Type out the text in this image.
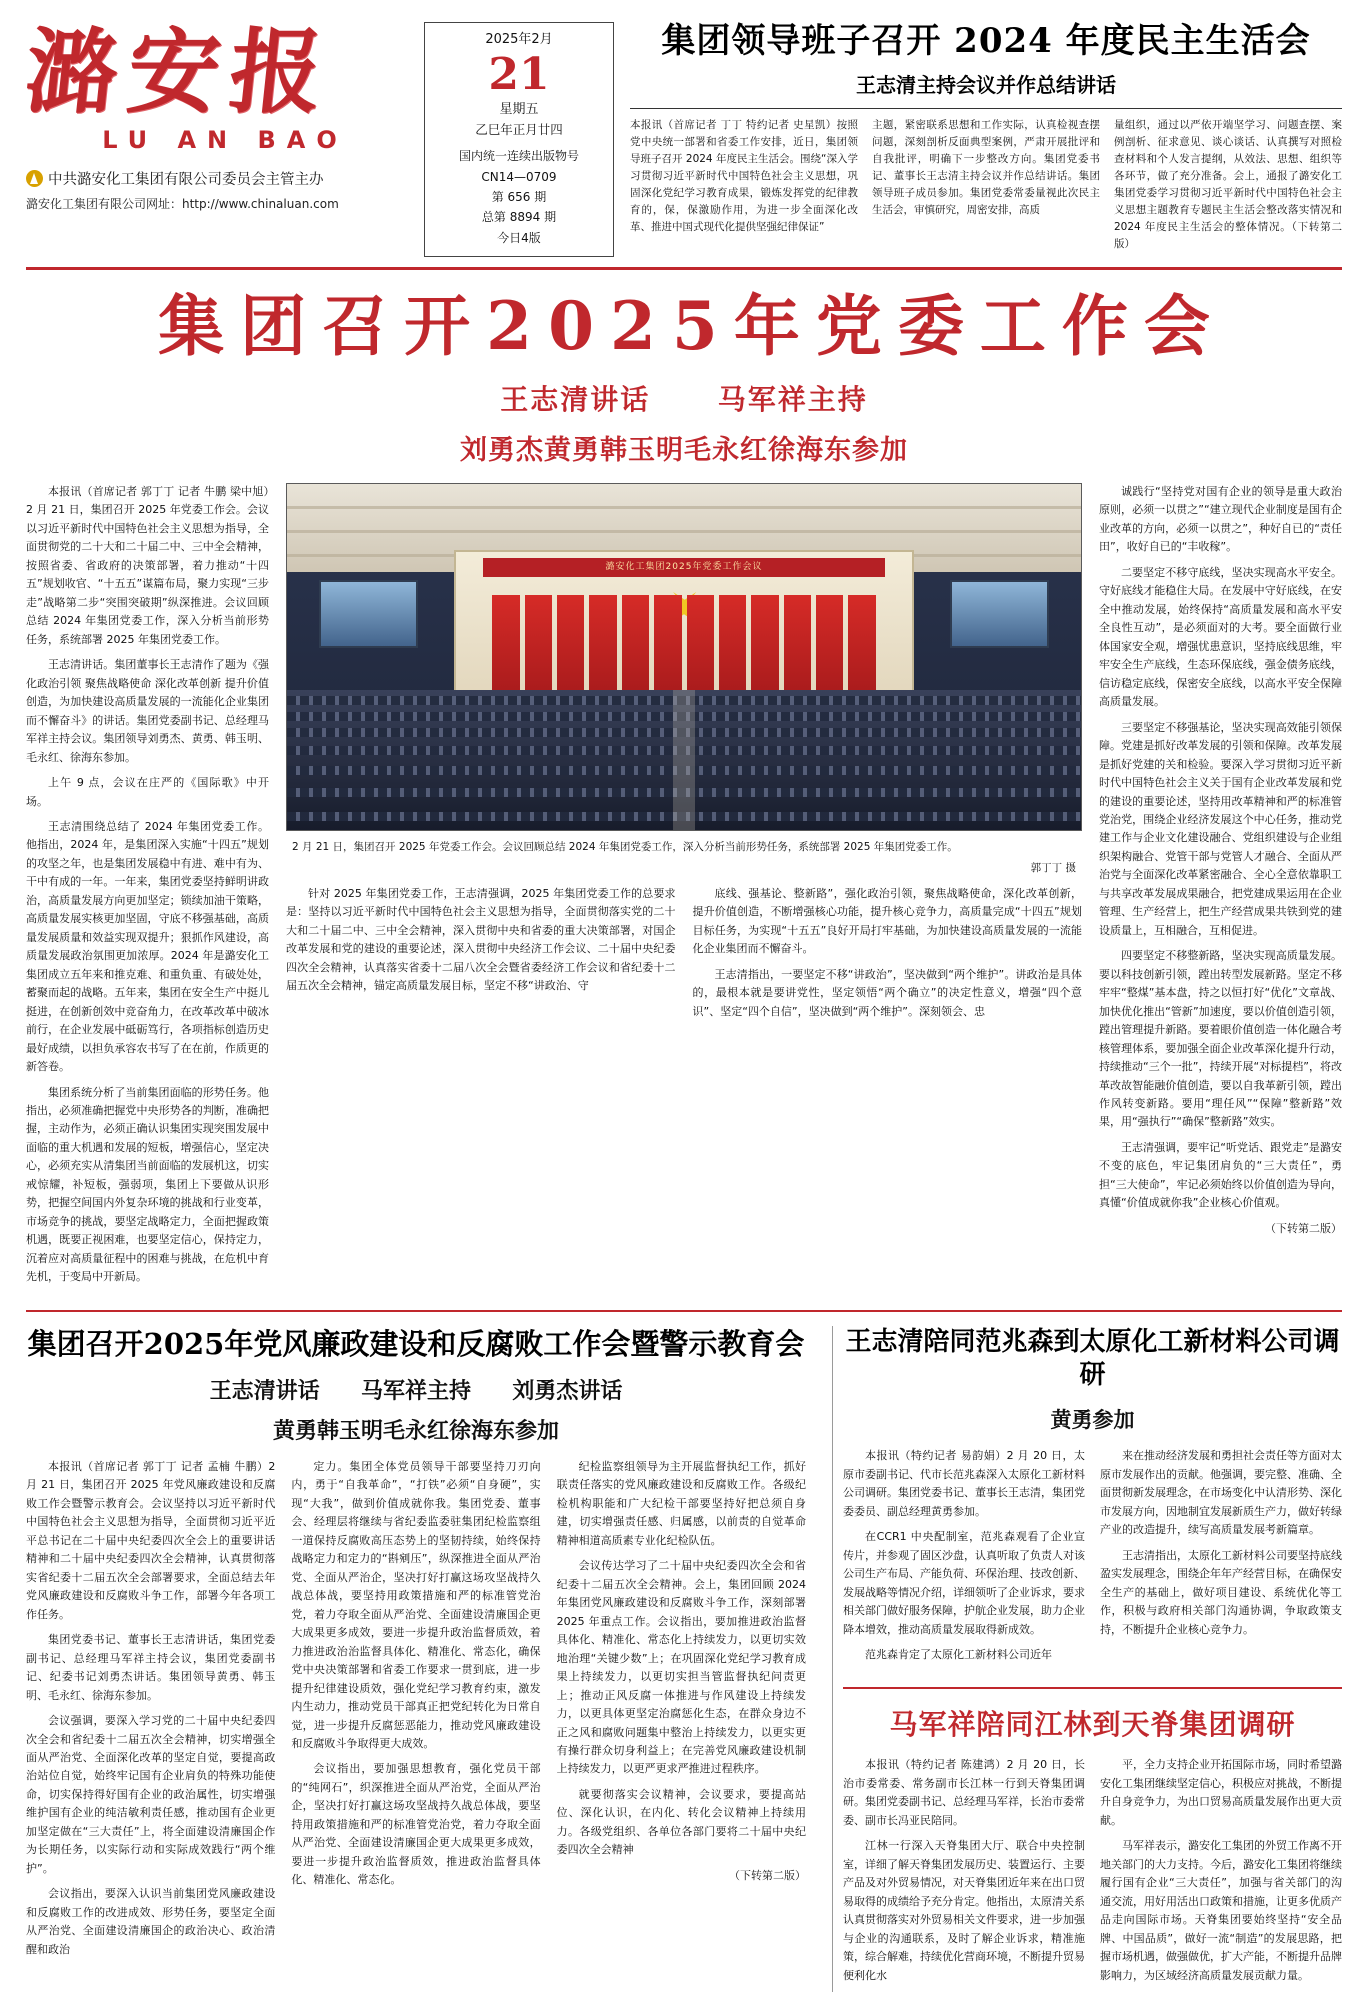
潞安报
LU AN BAO
中共潞安化工集团有限公司委员会主管主办
潞安化工集团有限公司网址：http://www.chinaluan.com
2025年2月
21
星期五
乙巳年正月廿四
国内统一连续出版物号
CN14—0709
第 656 期
总第 8894 期
今日4版
集团领导班子召开 2024 年度民主生活会
王志清主持会议并作总结讲话
本报讯（首席记者 丁丁 特约记者 史星凯）按照党中央统一部署和省委工作安排，近日，集团领导班子召开 2024 年度民主生活会。围绕“深入学习贯彻习近平新时代中国特色社会主义思想，巩固深化党纪学习教育成果，锻炼发挥党的纪律教育的，保，保激励作用，为进一步全面深化改革、推进中国式现代化提供坚强纪律保证”
主题，紧密联系思想和工作实际，认真检视查摆问题，深刻剖析反面典型案例，严肃开展批评和自我批评，明确下一步整改方向。集团党委书记、董事长王志清主持会议并作总结讲话。集团领导班子成员参加。集团党委常委量视此次民主生活会，审慎研究，周密安排，高质
量组织，通过以严依开端坚学习、问题查摆、案例剖析、征求意见、谈心谈话、认真撰写对照检查材料和个人发言提纲，从效法、思想、组织等各环节，做了充分准备。会上，通报了潞安化工集团党委学习贯彻习近平新时代中国特色社会主义思想主题教育专题民主生活会整改落实情况和 2024 年度民主生活会的整体情况。（下转第二版）
集团召开2025年党委工作会
王志清讲话 马军祥主持
刘勇杰黄勇韩玉明毛永红徐海东参加

本报讯（首席记者 郭丁丁 记者 牛鹏 梁中旭）2 月 21 日，集团召开 2025 年党委工作会。会议以习近平新时代中国特色社会主义思想为指导，全面贯彻党的二十大和二十届二中、三中全会精神，按照省委、省政府的决策部署，着力推动“十四五”规划收官、“十五五”谋篇布局，聚力实现“三步走”战略第二步“突围突破期”纵深推进。会议回顾总结 2024 年集团党委工作，深入分析当前形势任务，系统部署 2025 年集团党委工作。

王志清讲话。集团董事长王志清作了题为《强化政治引领 聚焦战略使命 深化改革创新 提升价值创造，为加快建设高质量发展的一流能化企业集团而不懈奋斗》的讲话。集团党委副书记、总经理马军祥主持会议。集团领导刘勇杰、黄勇、韩玉明、毛永红、徐海东参加。

上午 9 点，会议在庄严的《国际歌》中开场。

王志清围绕总结了 2024 年集团党委工作。他指出，2024 年，是集团深入实施“十四五”规划的攻坚之年，也是集团发展稳中有进、难中有为、干中有成的一年。一年来，集团党委坚持鲜明讲政治，高质量发展方向更加坚定；锁续加油干策略，高质量发展实核更加坚固，守底不移强基础，高质量发展质量和效益实现双提升；狠抓作风建设，高质量发展政治氛围更加浓厚。2024 年是潞安化工集团成立五年来和推克难、和重负重、有破处处，蓄聚而起的战略。五年来，集团在安全生产中挺儿挺进，在创新创效中竞奋角力，在改革改革中破冰前行，在企业发展中砥砺笃行，各项指标创造历史最好成绩，以担负承容农书写了在在前，作质更的新答卷。

集团系统分析了当前集团面临的形势任务。他指出，必须准确把握党中央形势各的判断，准确把握，主动作为，必须正确认识集团实现突围发展中面临的重大机遇和发展的短板，增强信心，坚定决心，必须充实从清集团当前面临的发展机这，切实戒惊耀，补短板，强弱项，集团上下要做从识形势，把握空间国内外复杂环境的挑战和行业变革，市场竞争的挑战，要坚定战略定力，全面把握政策机遇，既要正视困难，也要坚定信心，保持定力，沉着应对高质量征程中的困难与挑战，在危机中育先机，于变局中开新局。

潞安化工集团2025年党委工作会议
2 月 21 日，集团召开 2025 年党委工作会。会议回顾总结 2024 年集团党委工作，深入分析当前形势任务，系统部署 2025 年集团党委工作。
郭丁丁 摄

针对 2025 年集团党委工作，王志清强调，2025 年集团党委工作的总要求是：坚持以习近平新时代中国特色社会主义思想为指导，全面贯彻落实党的二十大和二十届二中、三中全会精神，深入贯彻中央和省委的重大决策部署，对国企改革发展和党的建设的重要论述，深入贯彻中央经济工作会议、二十届中央纪委四次全会精神，认真落实省委十二届八次全会暨省委经济工作会议和省纪委十二届五次全会精神，锚定高质量发展目标，坚定不移“讲政治、守

底线、强基论、整新路”，强化政治引领，聚焦战略使命，深化改革创新，提升价值创造，不断增强核心功能，提升核心竞争力，高质量完成“十四五”规划目标任务，为实现“十五五”良好开局打牢基础，为加快建设高质量发展的一流能化企业集团而不懈奋斗。

王志清指出，一要坚定不移“讲政治”，坚决做到“两个维护”。讲政治是具体的，最根本就是要讲党性，坚定领悟“两个确立”的决定性意义，增强“四个意识”、坚定“四个自信”，坚决做到“两个维护”。深刻领会、忠

诚践行“坚持党对国有企业的领导是重大政治原则，必须一以贯之”“建立现代企业制度是国有企业改革的方向，必须一以贯之”，种好自已的“责任田”，收好自已的“丰收稼”。

二要坚定不移守底线，坚决实现高水平安全。守好底线才能稳住大局。在发展中守好底线，在安全中推动发展，始终保持“高质量发展和高水平安全良性互动”，是必须面对的大考。要全面做行业体国家安全观，增强忧患意识，坚持底线思维，牢牢安全生产底线，生态环保底线，强金债务底线，信访稳定底线，保密安全底线，以高水平安全保障高质量发展。

三要坚定不移强基论，坚决实现高效能引领保障。党建是抓好改革发展的引领和保障。改革发展是抓好党建的关和检验。要深入学习贯彻习近平新时代中国特色社会主义关于国有企业改革发展和党的建设的重要论述，坚持用改革精神和严的标准管党治党，围绕企业经济发展这个中心任务，推动党建工作与企业文化建设融合、党组织建设与企业组织架构融合、党管干部与党管人才融合、全面从严治党与全面深化改革紧密融合、全心全意依靠职工与共享改革发展成果融合，把党建成果运用在企业管理、生产经营上，把生产经营成果共铁到党的建设质量上，互相融合，互相促进。

四要坚定不移整新路，坚决实现高质量发展。要以科技创新引领，蹚出转型发展新路。坚定不移牢牢“整煤”基本盘，持之以恒打好“优化”文章战、加快优化推出“管新”加速度，要以价值创造引领，蹚出管理提升新路。要着眼价值创造一体化融合考核管理体系，要加强全面企业改革深化提升行动，持续推动“三个一批”，持续开展“对标提档”，将改革改故智能融价值创造，要以自我革新引领，蹚出作风转变新路。要用“理任风”“保障”整新路”效果，用“强执行”“确保”整新路”效实。

王志清强调，要牢记“听党话、跟党走”是潞安不变的底色，牢记集团肩负的“三大责任”，勇担“三大使命”，牢记必须始终以价值创造为导向，真懂“价值成就你我”企业核心价值观。

（下转第二版）

集团召开2025年党风廉政建设和反腐败工作会暨警示教育会
王志清讲话 马军祥主持 刘勇杰讲话
黄勇韩玉明毛永红徐海东参加

本报讯（首席记者 郭丁丁 记者 孟楠 牛鹏）2 月 21 日，集团召开 2025 年党风廉政建设和反腐败工作会暨警示教育会。会议坚持以习近平新时代中国特色社会主义思想为指导，全面贯彻习近平近平总书记在二十届中央纪委四次全会上的重要讲话精神和二十届中央纪委四次全会精神，认真贯彻落实省纪委十二届五次全会部署要求，全面总结去年党风廉政建设和反腐败斗争工作，部署今年各项工作任务。

集团党委书记、董事长王志清讲话，集团党委副书记、总经理马军祥主持会议，集团党委副书记、纪委书记刘勇杰讲话。集团领导黄勇、韩玉明、毛永红、徐海东参加。

会议强调，要深入学习党的二十届中央纪委四次全会和省纪委十二届五次全会精神，切实增强全面从严治党、全面深化改革的坚定自觉，要提高政治站位自觉，始终牢记国有企业肩负的特殊功能使命，切实保持得好国有企业的政治属性，切实增强维护国有企业的纯洁敏利责任感，推动国有企业更加坚定做在“三大责任”上，将全面建设清廉国企作为长期任务，以实际行动和实际成效践行“两个维护”。

会议指出，要深入认识当前集团党风廉政建设和反腐败工作的改进成效、形势任务，要坚定全面从严治党、全面建设清廉国企的政治决心、政治清醒和政治

定力。集团全体党员领导干部要坚持刀刃向内，勇于“自我革命”，“打铁”必须“自身硬”，实现“大我”，做到价值成就你我。集团党委、董事会、经理层将继续与省纪委监委驻集团纪检监察组一道保持反腐败高压态势上的坚韧持续，始终保持战略定力和定力的“斟剜压”，纵深推进全面从严治党、全面从严治企，坚决打好打赢这场攻坚战持久战总体战，要坚持用政策措施和严的标准管党治党，着力夺取全面从严治党、全面建设清廉国企更大成果更多成效，要进一步提升政治监督质效，着力推进政治治监督具体化、精准化、常态化，确保党中央决策部署和省委工作要求一贯到底，进一步提升纪律建设质效，强化党纪学习教育约束，激发内生动力，推动党员干部真正把党纪转化为日常自觉，进一步提升反腐惩恶能力，推动党风廉政建设和反腐败斗争取得更大成效。

会议指出，要加强思想教育，强化党员干部的“纯网石”，织深推进全面从严治党，全面从严治企，坚决打好打赢这场攻坚战持久战总体战，要坚持用政策措施和严的标准管党治党，着力夺取全面从严治党、全面建设清廉国企更大成果更多成效，要进一步提升政治监督质效，推进政治监督具体化、精准化、常态化。

纪检监察组领导为主开展监督执纪工作，抓好联责任落实的党风廉政建设和反腐败工作。各级纪检机构职能和广大纪检干部要坚持好把总须自身建，切实增强责任感、归属感，以前责的自觉革命精神相道高质素专业化纪检队伍。

会议传达学习了二十届中央纪委四次全会和省纪委十二届五次全会精神。会上，集团回顾 2024 年集团党风廉政建设和反腐败斗争工作，深刻部署 2025 年重点工作。会议指出，要加推进政治监督具体化、精准化、常态化上持续发力，以更切实效地治理“关键少数”上；在巩固深化党纪学习教育成果上持续发力，以更切实担当管监督执纪问责更上；推动正风反腐一体推进与作风建设上持续发力，以更具体更坚定治腐惩化生态，在群众身边不正之风和腐败问题集中整治上持续发力，以更实更有操行群众切身利益上；在完善党风廉政建设机制上持续发力，以更严更求严推进过程秩序。

就要彻落实会议精神，会议要求，要提高站位、深化认识，在内化、转化会议精神上持续用力。各级党组织、各单位各部门要将二十届中央纪委四次全会精神

（下转第二版）

王志清陪同范兆森到太原化工新材料公司调研
黄勇参加

本报讯（特约记者 易韵娟）2 月 20 日，太原市委副书记、代市长范兆森深入太原化工新材料公司调研。集团党委书记、董事长王志清，集团党委委员、副总经理黄勇参加。

在CCR1 中央配制室，范兆森观看了企业宣传片，并参观了固区沙盘，认真听取了负责人对该公司生产布局、产能负荷、环保治理、技改创新、发展战略等情况介绍，详细领听了企业诉求，要求相关部门做好服务保障，护航企业发展，助力企业降本增效，推动高质量发展取得新成效。

范兆森肯定了太原化工新材料公司近年

来在推动经济发展和勇担社会责任等方面对太原市发展作出的贡献。他强调，要完整、准确、全面贯彻新发展理念，在市场变化中认清形势、深化市发展方向，因地制宜发展新质生产力，做好转绿产业的改造提升，续写高质量发展考新篇章。

王志清指出，太原化工新材料公司要坚持底线盈实发展理念，围绕企年年产经营目标，在确保安全生产的基础上，做好项目建设、系统优化等工作，积极与政府相关部门沟通协调，争取政策支持，不断提升企业核心竞争力。

马军祥陪同江林到天脊集团调研

本报讯（特约记者 陈建鸿）2 月 20 日，长治市委常委、常务副市长江林一行到天脊集团调研。集团党委副书记、总经理马军祥，长治市委常委、副市长冯亚民陪同。

江林一行深入天脊集团大厅、联合中央控制室，详细了解天脊集团发展历史、装置运行、主要产品及对外贸易情况，对天脊集团近年来在出口贸易取得的成绩给予充分肯定。他指出，太原清关系认真贯彻落实对外贸易相关文件要求，进一步加强与企业的沟通联系，及时了解企业诉求，精准施策，综合解难，持续优化营商环境，不断提升贸易便利化水

平，全力支持企业开拓国际市场，同时希望潞安化工集团继续坚定信心，积极应对挑战，不断提升自身竞争力，为出口贸易高质量发展作出更大贡献。

马军祥表示，潞安化工集团的外贸工作离不开地关部门的大力支持。今后，潞安化工集团将继续履行国有企业“三大责任”，加强与省关部门的沟通交流，用好用活出口政策和措施，让更多优质产品走向国际市场。天脊集团要始终坚持“安全品牌、中国品质”，做好一流“制造”的发展思路，把握市场机遇，做强做优，扩大产能，不断提升品牌影响力，为区域经济高质量发展贡献力量。
